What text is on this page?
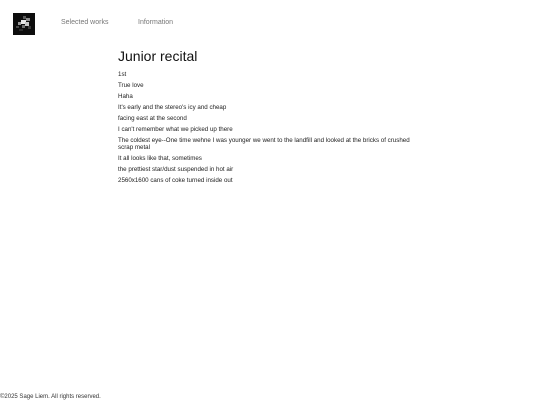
Selected works	Information
Junior recital
1st
True love
Haha
It's early and the stereo's icy and cheap
facing east at the second
I can't remember what we picked up there
The coldest eye--One time wehne I was younger we went to the landfill and looked at the bricks of crushed scrap metal
It all looks like that, sometimes
the prettiest star/dust suspended in hot air
2560x1600 cans of coke turned inside out
©2025 Sage Liem. All rights reserved.
